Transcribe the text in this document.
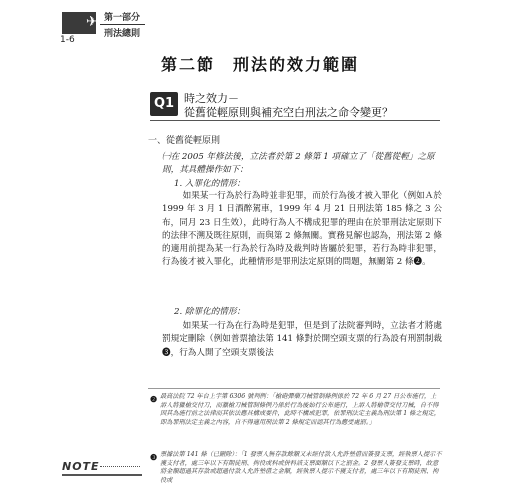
✈
1-6
第一部分
刑法總則
第二節　刑法的效力範圍
Q1 時之效力－
從舊從輕原則與補充空白刑法之命令變更？
一、從舊從輕原則
㈠在 2005 年修法後，立法者於第 2 條第 1 項確立了「從舊從輕」之原則，其具體操作如下：
1. 入罪化的情形：
如果某一行為於行為時並非犯罪，而於行為後才被入罪化（例如Ａ於 1999 年 3 月 1 日酒醉駕車，1999 年 4 月 21 日刑法第 185 條之 3 公布，同月 23 日生效），此時行為人不構成犯罪的理由在於罪刑法定原則下的法律不溯及既往原則，而與第 2 條無關。實務見解也認為，刑法第 2 條的適用前提為某一行為於行為時及裁判時皆屬於犯罪，若行為時非犯罪，行為後才被入罪化，此種情形是罪刑法定原則的問題，無關第 2 條❷。
2. 除罪化的情形：
如果某一行為在行為時是犯罪，但是到了法院審判時，立法者才將處罰規定刪除（例如普票搶法第 141 條對於開空頭支票的行為設有刑罰制裁❸，行為人開了空頭支票後法
❷ 最高法院 72 年台上字第 6306 號判例：「槍砲彈藥刀械管制條例係於 72 年 6 月 27 日公布施行，上訴人將獵槍交付刀，而獵槍刀械管制條例乃係於行為後始行公布施行，上訴人將槍帶交付刀械，自不得因其為施行前之法律而其依法應具構成要件，此時不構成犯罪，依罪刑法定主義為刑法第 1 條之規定，即為罪刑法定主義之內容，自不得適用刑法第 2 條規定而認其行為應受處罰。」
❸ 票據法第 141 條（已刪除）：「1 發票人無存款餘額又未經付款人允許墊借而簽發支票，經執票人提示不獲支付者，處三年以下有期徒刑、拘役或科或併科該支票面額以下之罰金。2 發票人簽發支票時，故意將金額超過其存款或超過付款人允許墊借之金額，經執票人提示不獲支付者，處三年以下有期徒刑、拘役或
NOTE
